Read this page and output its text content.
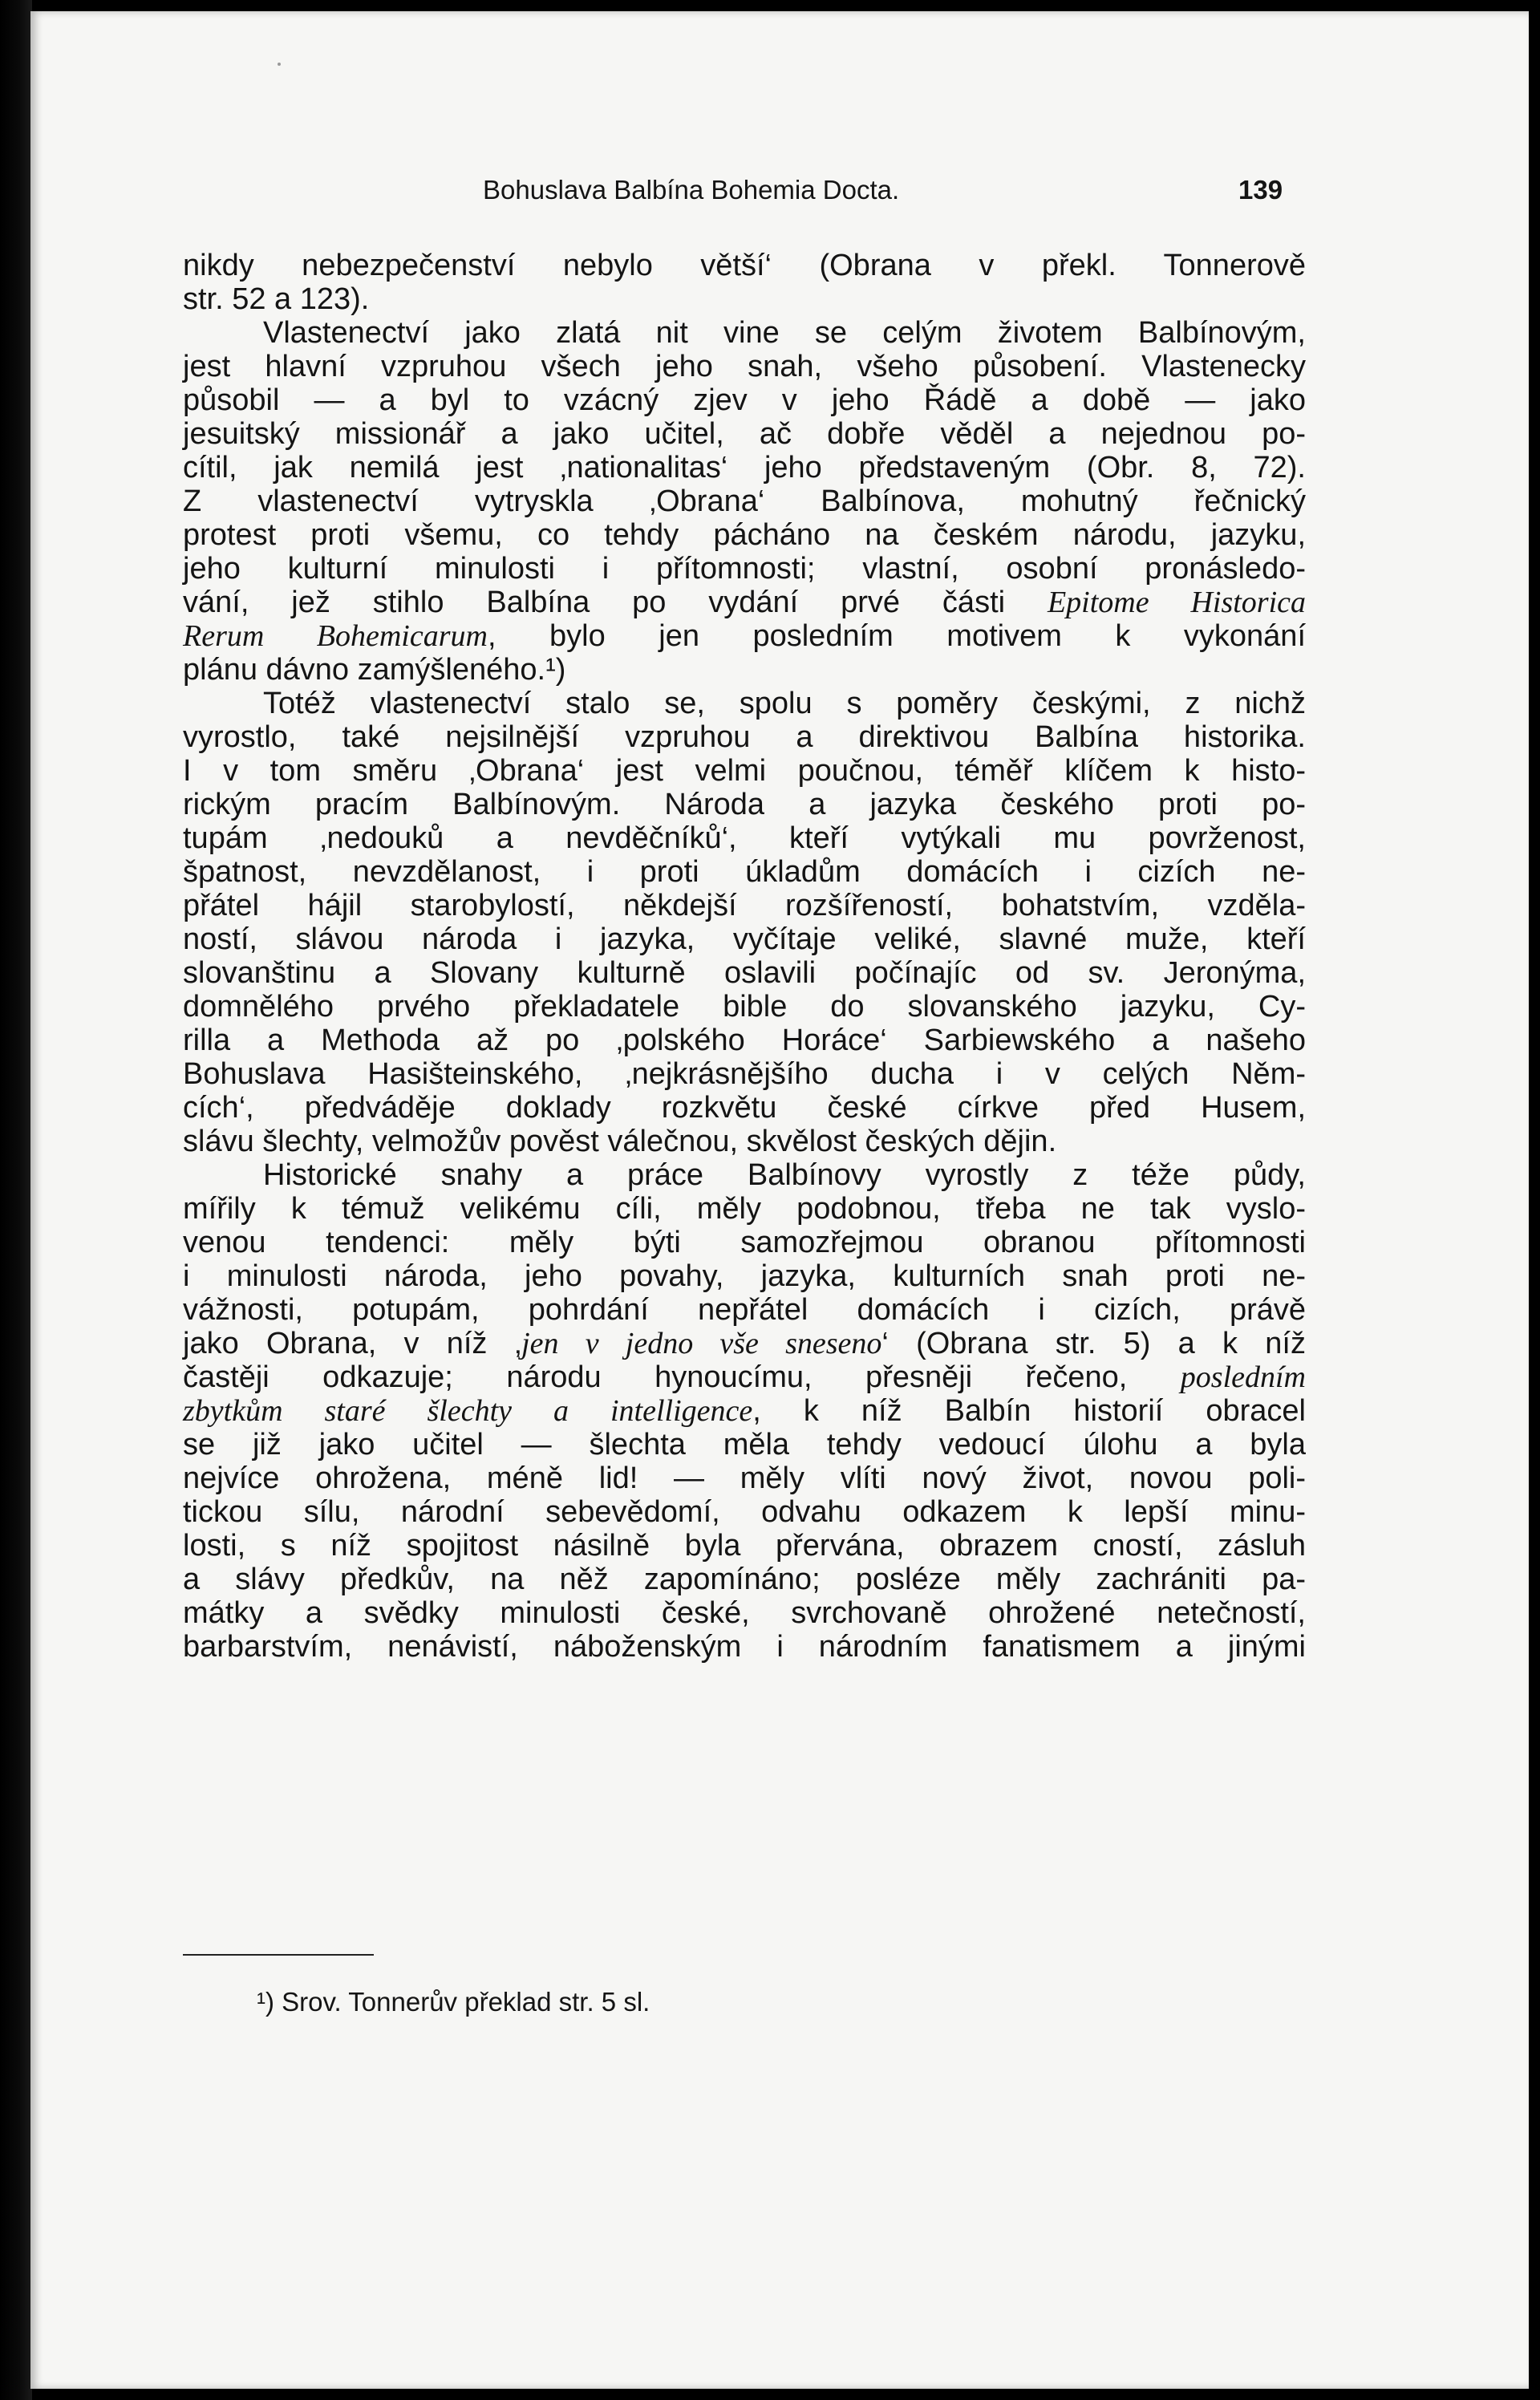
Bohuslava Balbína Bohemia Docta.	139
nikdy nebezpečenství nebylo větší‘ (Obrana v překl. Tonnerově
str. 52 a 123).
Vlastenectví jako zlatá nit vine se celým životem Balbínovým,
jest hlavní vzpruhou všech jeho snah, všeho působení. Vlastenecky
působil — a byl to vzácný zjev v jeho Řádě a době — jako
jesuitský missionář a jako učitel, ač dobře věděl a nejednou po-
cítil, jak nemilá jest ‚nationalitas‘ jeho představeným (Obr. 8, 72).
Z vlastenectví vytryskla ‚Obrana‘ Balbínova, mohutný řečnický
protest proti všemu, co tehdy pácháno na českém národu, jazyku,
jeho kulturní minulosti i přítomnosti; vlastní, osobní pronásledo-
vání, jež stihlo Balbína po vydání prvé části Epitome Historica
Rerum Bohemicarum, bylo jen posledním motivem k vykonání
plánu dávno zamýšleného.¹)
Totéž vlastenectví stalo se, spolu s poměry českými, z nichž
vyrostlo, také nejsilnější vzpruhou a direktivou Balbína historika.
I v tom směru ‚Obrana‘ jest velmi poučnou, téměř klíčem k histo-
rickým pracím Balbínovým. Národa a jazyka českého proti po-
tupám ‚nedouků a nevděčníků‘, kteří vytýkali mu povrženost,
špatnost, nevzdělanost, i proti úkladům domácích i cizích ne-
přátel hájil starobylostí, někdejší rozšířeností, bohatstvím, vzděla-
ností, slávou národa i jazyka, vyčítaje veliké, slavné muže, kteří
slovanštinu a Slovany kulturně oslavili počínajíc od sv. Jeronýma,
domnělého prvého překladatele bible do slovanského jazyku, Cy-
rilla a Methoda až po ‚polského Horáce‘ Sarbiewského a našeho
Bohuslava Hasišteinského, ‚nejkrásnějšího ducha i v celých Něm-
cích‘, předváděje doklady rozkvětu české církve před Husem,
slávu šlechty, velmožův pověst válečnou, skvělost českých dějin.
Historické snahy a práce Balbínovy vyrostly z téže půdy,
mířily k témuž velikému cíli, měly podobnou, třeba ne tak vyslo-
venou tendenci: měly býti samozřejmou obranou přítomnosti
i minulosti národa, jeho povahy, jazyka, kulturních snah proti ne-
vážnosti, potupám, pohrdání nepřátel domácích i cizích, právě
jako Obrana, v níž ‚jen v jedno vše sneseno‘ (Obrana str. 5) a k níž
častěji odkazuje; národu hynoucímu, přesněji řečeno, posledním
zbytkům staré šlechty a intelligence, k níž Balbín historií obracel
se již jako učitel — šlechta měla tehdy vedoucí úlohu a byla
nejvíce ohrožena, méně lid! — měly vlíti nový život, novou poli-
tickou sílu, národní sebevědomí, odvahu odkazem k lepší minu-
losti, s níž spojitost násilně byla přervána, obrazem cností, zásluh
a slávy předkův, na něž zapomínáno; posléze měly zachrániti pa-
mátky a svědky minulosti české, svrchovaně ohrožené netečností,
barbarstvím, nenávistí, náboženským i národním fanatismem a jinými
¹) Srov. Tonnerův překlad str. 5 sl.
